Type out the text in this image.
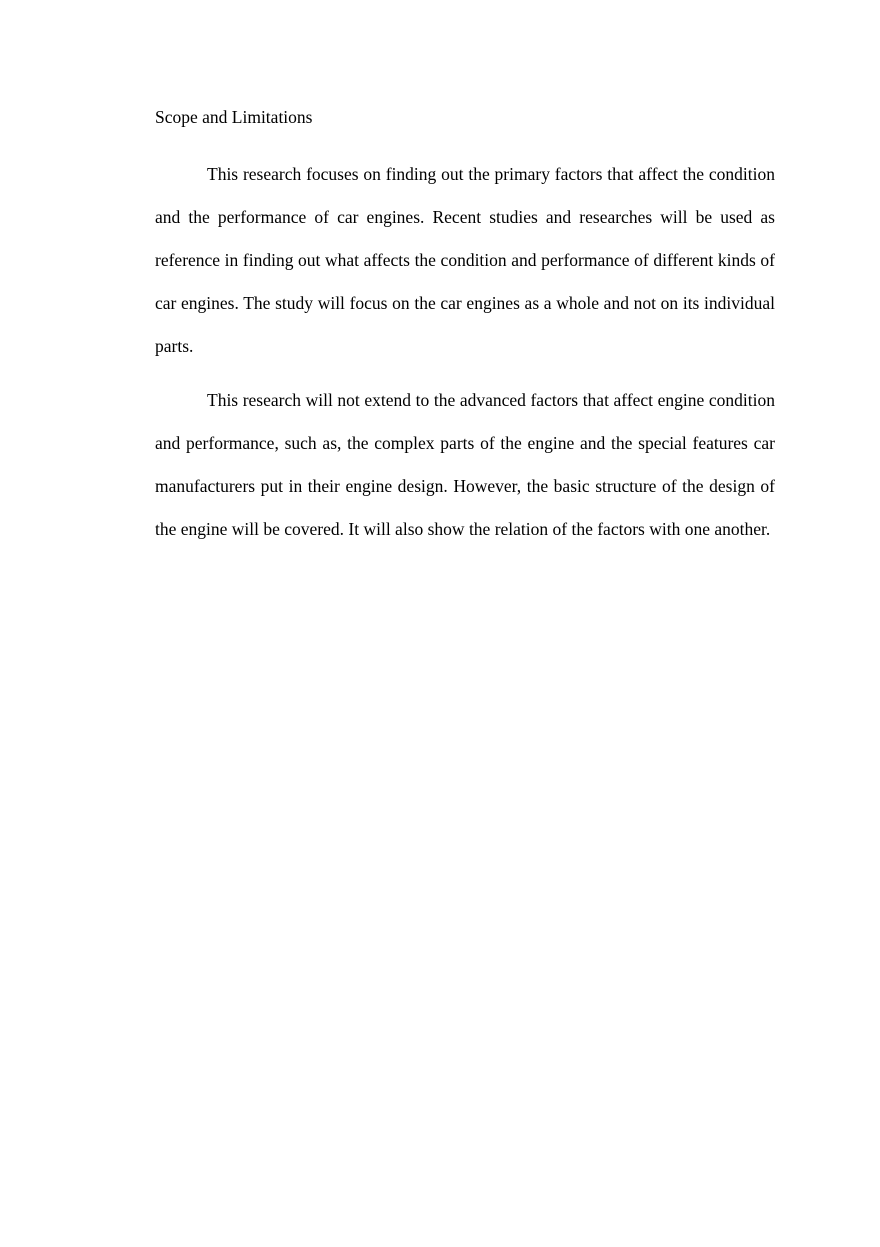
Scope and Limitations

This research focuses on finding out the primary factors that affect the condition and the performance of car engines. Recent studies and researches will be used as reference in finding out what affects the condition and performance of different kinds of car engines. The study will focus on the car engines as a whole and not on its individual parts.

This research will not extend to the advanced factors that affect engine condition and performance, such as, the complex parts of the engine and the special features car manufacturers put in their engine design. However, the basic structure of the design of the engine will be covered. It will also show the relation of the factors with one another.
